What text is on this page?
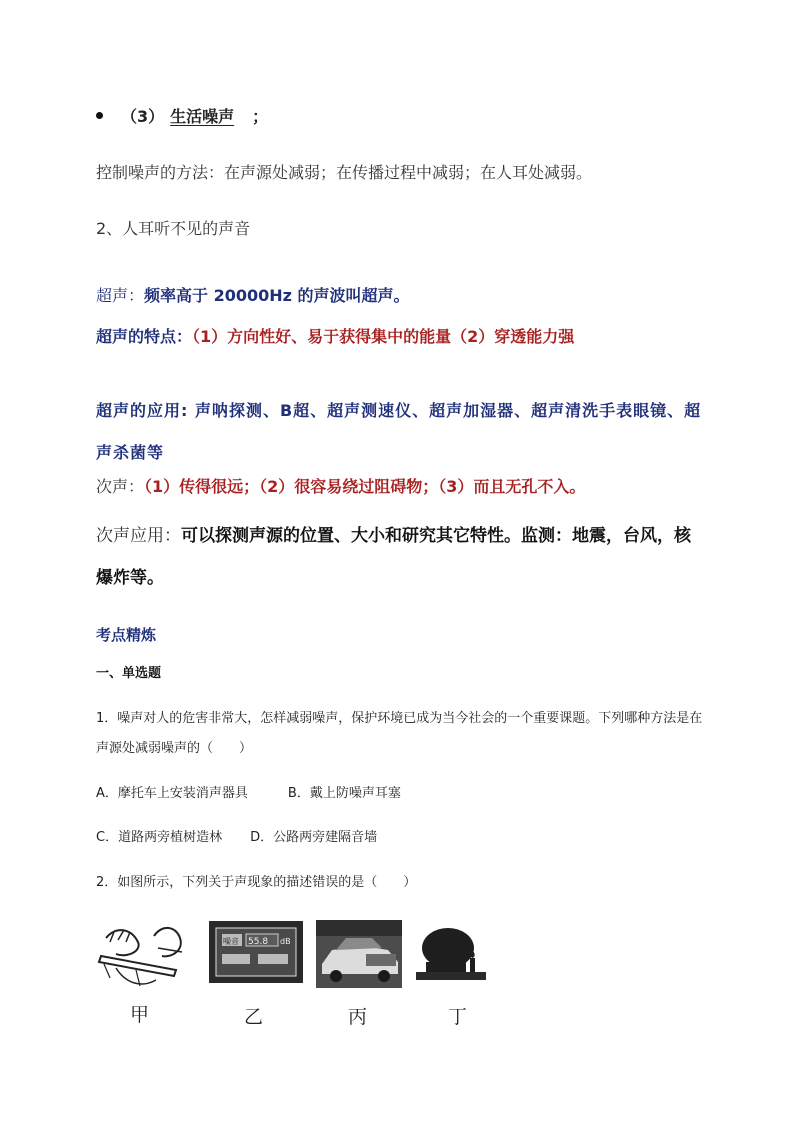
（3） 生活噪声 ；
控制噪声的方法：在声源处减弱；在传播过程中减弱；在人耳处减弱。
2、人耳听不见的声音
超声：频率高于 20000Hz 的声波叫超声。
超声的特点：（1）方向性好、易于获得集中的能量（2）穿透能力强
超声的应用: 声呐探测、B超、超声测速仪、超声加湿器、超声清洗手表眼镜、超声杀菌等
次声：（1）传得很远；（2）很容易绕过阻碍物；（3）而且无孔不入。
次声应用：可以探测声源的位置、大小和研究其它特性。监测：地震，台风，核爆炸等。
考点精炼
一、单选题
1．噪声对人的危害非常大，怎样减弱噪声，保护环境已成为当今社会的一个重要课题。下列哪种方法是在声源处减弱噪声的（　　）
A．摩托车上安装消声器具	B．戴上防噪声耳塞
C．道路两旁植树造林 D．公路两旁建隔音墙
2．如图所示，下列关于声现象的描述错误的是（　　）
甲
噪音 55.8 dB
乙	丙	丁
